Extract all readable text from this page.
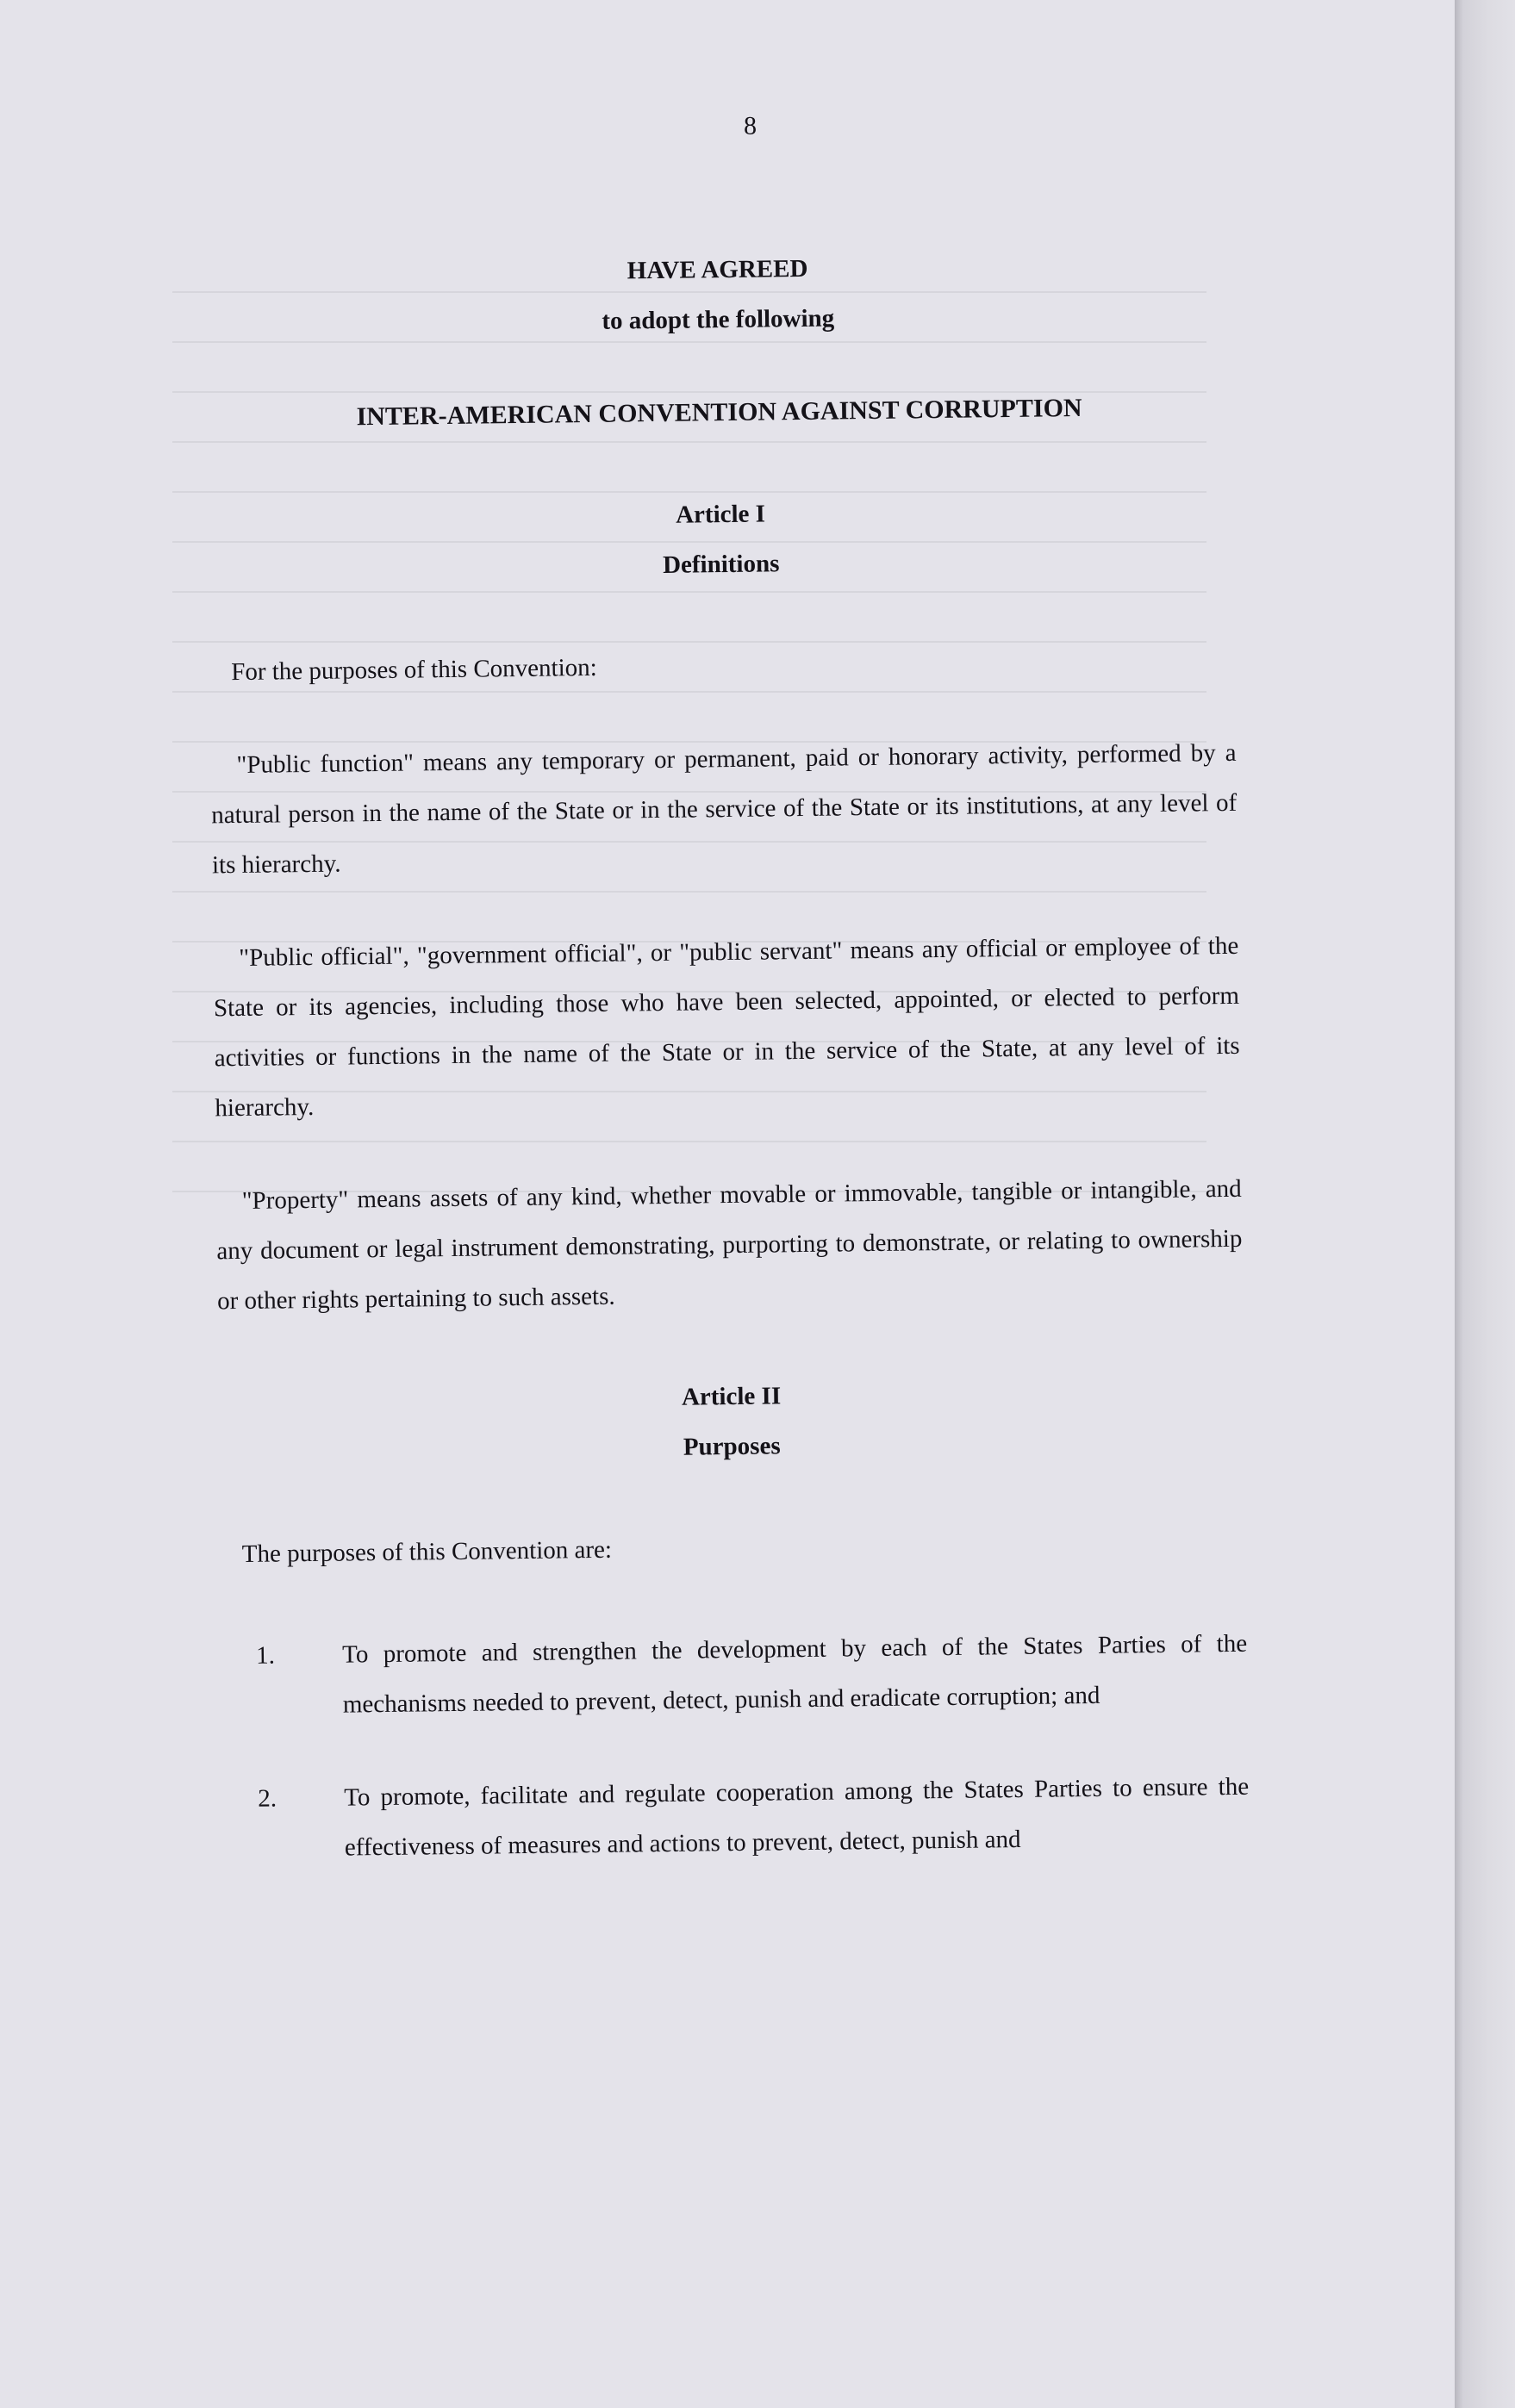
8
HAVE AGREED
to adopt the following
INTER-AMERICAN CONVENTION AGAINST CORRUPTION
Article I
Definitions

For the purposes of this Convention:

"Public function" means any temporary or permanent, paid or honorary activity, performed by a natural person in the name of the State or in the service of the State or its institutions, at any level of its hierarchy.

"Public official", "government official", or "public servant" means any official or employee of the State or its agencies, including those who have been selected, appointed, or elected to perform activities or functions in the name of the State or in the service of the State, at any level of its hierarchy.

"Property" means assets of any kind, whether movable or immovable, tangible or intangible, and any document or legal instrument demonstrating, purporting to demonstrate, or relating to ownership or other rights pertaining to such assets.

Article II
Purposes

The purposes of this Convention are:

1.	To promote and strengthen the development by each of the States Parties of the mechanisms needed to prevent, detect, punish and eradicate corruption; and
2.	To promote, facilitate and regulate cooperation among the States Parties to ensure the effectiveness of measures and actions to prevent, detect, punish and
